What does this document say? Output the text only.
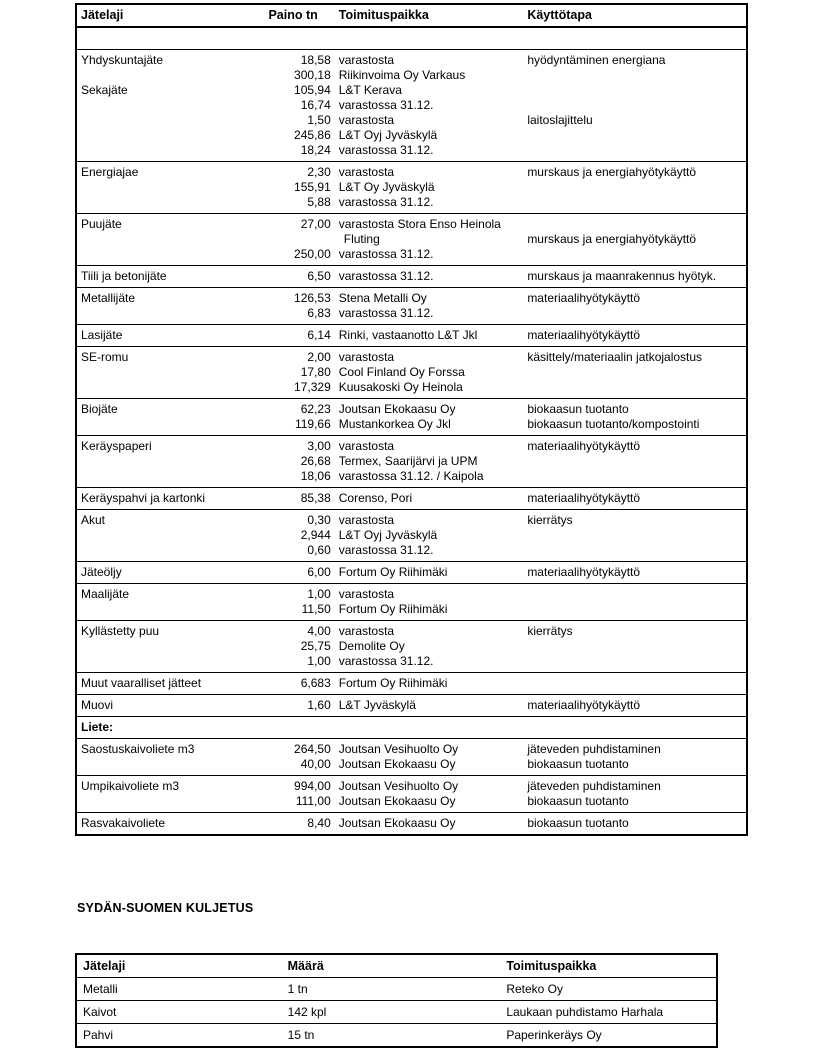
Jätelaji	Paino tn	Toimituspaikka	Käyttötapa

Yhdyskuntajäte	18,58	varastosta	hyödyntäminen energiana
	300,18	Riikinvoima Oy Varkaus	
Sekajäte	105,94	L&T Kerava	
	16,74	varastossa 31.12.	
	1,50	varastosta	laitoslajittelu
	245,86	L&T Oyj Jyväskylä	
	18,24	varastossa 31.12.	
Energiajae	2,30	varastosta	murskaus ja energiahyötykäyttö
	155,91	L&T Oy Jyväskylä	
	5,88	varastossa 31.12.	
Puujäte	27,00	varastosta Stora Enso Heinola	
		Fluting	murskaus ja energiahyötykäyttö
	250,00	varastossa 31.12.	
Tiili ja betonijäte	6,50	varastossa 31.12.	murskaus ja maanrakennus hyötyk.
Metallijäte	126,53	Stena Metalli Oy	materiaalihyötykäyttö
	6,83	varastossa 31.12.	
Lasijäte	6,14	Rinki, vastaanotto L&T Jkl	materiaalihyötykäyttö
SE-romu	2,00	varastosta	käsittely/materiaalin jatkojalostus
	17,80	Cool Finland Oy Forssa	
	17,329	Kuusakoski Oy Heinola	
Biojäte	62,23	Joutsan Ekokaasu Oy	biokaasun tuotanto
	119,66	Mustankorkea Oy Jkl	biokaasun tuotanto/kompostointi
Keräyspaperi	3,00	varastosta	materiaalihyötykäyttö
	26,68	Termex, Saarijärvi ja UPM	
	18,06	varastossa 31.12. / Kaipola	
Keräyspahvi ja kartonki	85,38	Corenso, Pori	materiaalihyötykäyttö
Akut	0,30	varastosta	kierrätys
	2,944	L&T Oyj Jyväskylä	
	0,60	varastossa 31.12.	
Jäteöljy	6,00	Fortum Oy Riihimäki	materiaalihyötykäyttö
Maalijäte	1,00	varastosta	
	11,50	Fortum Oy Riihimäki	
Kyllästetty puu	4,00	varastosta	kierrätys
	25,75	Demolite Oy	
	1,00	varastossa 31.12.	
Muut vaaralliset jätteet	6,683	Fortum Oy Riihimäki	
Muovi	1,60	L&T Jyväskylä	materiaalihyötykäyttö
Liete:			
Saostuskaivoliete m3	264,50	Joutsan Vesihuolto Oy	jäteveden puhdistaminen
	40,00	Joutsan Ekokaasu Oy	biokaasun tuotanto
Umpikaivoliete m3	994,00	Joutsan Vesihuolto Oy	jäteveden puhdistaminen
	111,00	Joutsan Ekokaasu Oy	biokaasun tuotanto
Rasvakaivoliete	8,40	Joutsan Ekokaasu Oy	biokaasun tuotanto
SYDÄN-SUOMEN KULJETUS
Jätelaji	Määrä	Toimituspaikka
Metalli	1 tn	Reteko Oy
Kaivot	142 kpl	Laukaan puhdistamo Harhala
Pahvi	15 tn	Paperinkeräys Oy
